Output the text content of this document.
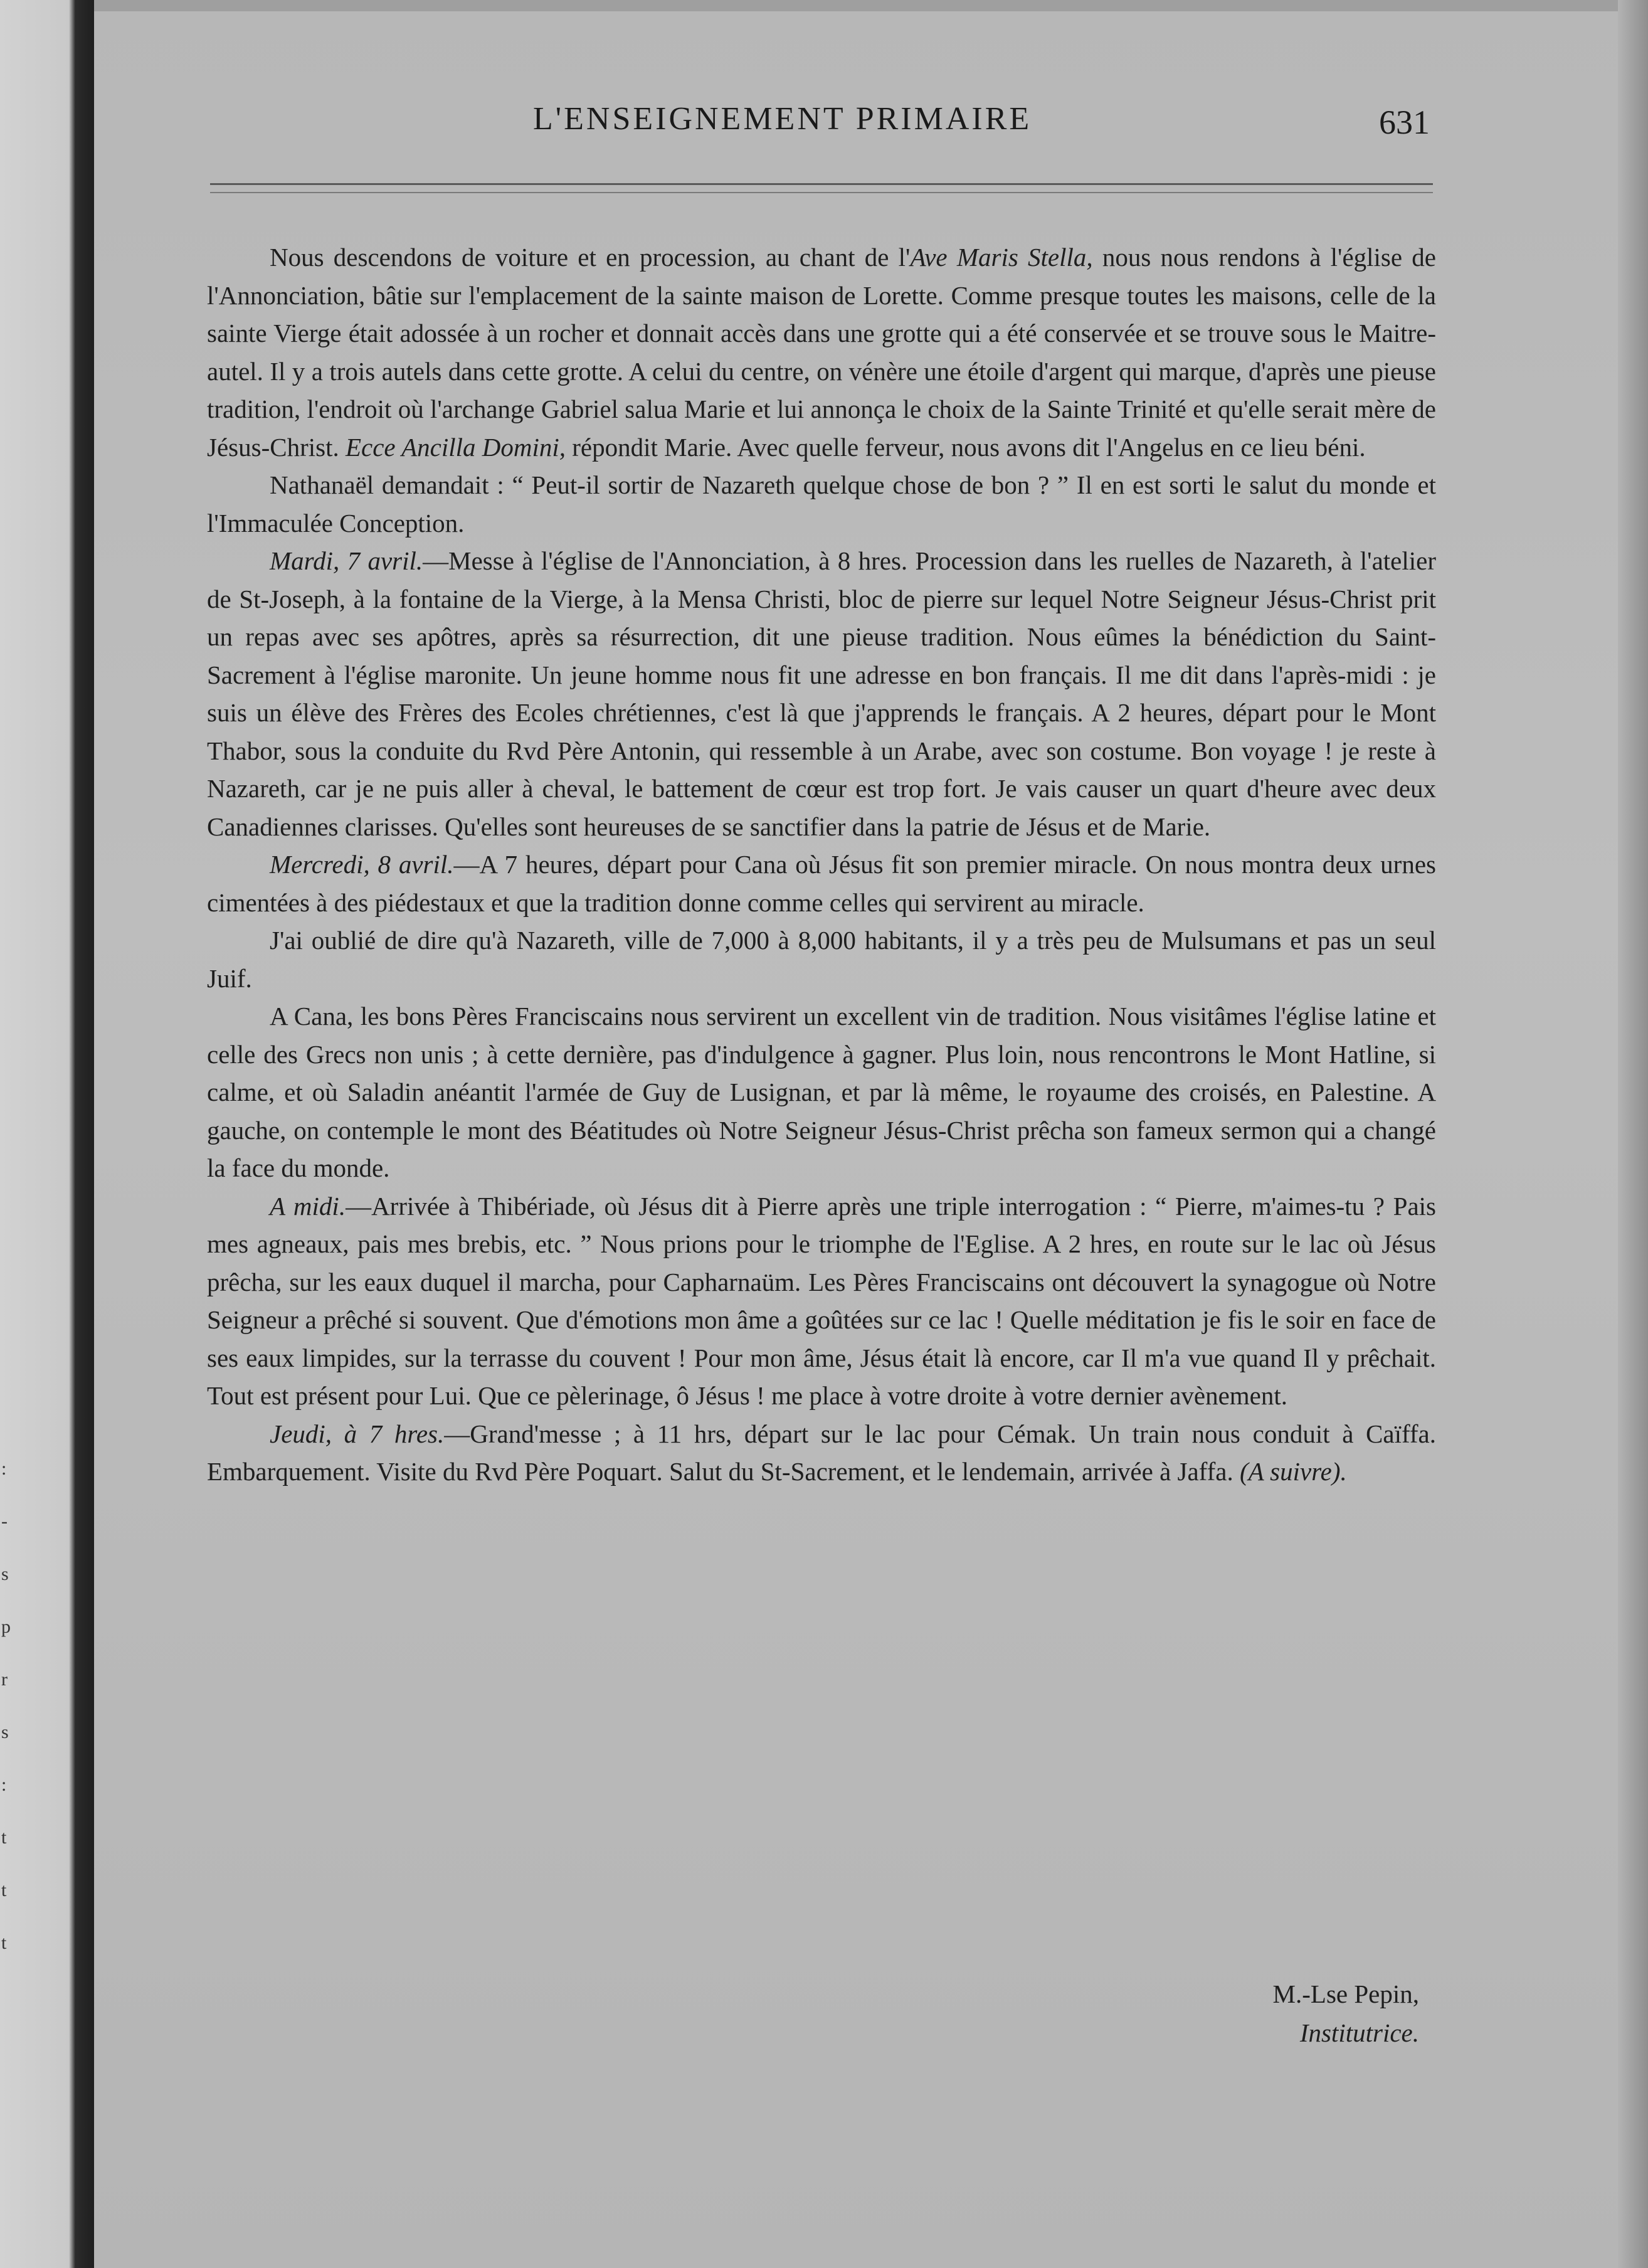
: - s p r s : t t t
L'ENSEIGNEMENT PRIMAIRE	631

Nous descendons de voiture et en procession, au chant de l'Ave Maris Stella, nous nous rendons à l'église de l'Annonciation, bâtie sur l'emplacement de la sainte maison de Lorette. Comme presque toutes les maisons, celle de la sainte Vierge était adossée à un rocher et donnait accès dans une grotte qui a été conservée et se trouve sous le Maitre-autel. Il y a trois autels dans cette grotte. A celui du centre, on vénère une étoile d'argent qui marque, d'après une pieuse tradition, l'endroit où l'archange Gabriel salua Marie et lui annonça le choix de la Sainte Trinité et qu'elle serait mère de Jésus-Christ. Ecce Ancilla Domini, répondit Marie. Avec quelle ferveur, nous avons dit l'Angelus en ce lieu béni.

Nathanaël demandait : “ Peut-il sortir de Nazareth quelque chose de bon ? ” Il en est sorti le salut du monde et l'Immaculée Conception.

Mardi, 7 avril.—Messe à l'église de l'Annonciation, à 8 hres. Procession dans les ruelles de Nazareth, à l'atelier de St-Joseph, à la fontaine de la Vierge, à la Mensa Christi, bloc de pierre sur lequel Notre Seigneur Jésus-Christ prit un repas avec ses apôtres, après sa résurrection, dit une pieuse tradition. Nous eûmes la bénédiction du Saint-Sacrement à l'église maronite. Un jeune homme nous fit une adresse en bon français. Il me dit dans l'après-midi : je suis un élève des Frères des Ecoles chrétiennes, c'est là que j'apprends le français. A 2 heures, départ pour le Mont Thabor, sous la conduite du Rvd Père Antonin, qui ressemble à un Arabe, avec son costume. Bon voyage ! je reste à Nazareth, car je ne puis aller à cheval, le battement de cœur est trop fort. Je vais causer un quart d'heure avec deux Canadiennes clarisses. Qu'elles sont heureuses de se sanctifier dans la patrie de Jésus et de Marie.

Mercredi, 8 avril.—A 7 heures, départ pour Cana où Jésus fit son premier miracle. On nous montra deux urnes cimentées à des piédestaux et que la tradition donne comme celles qui servirent au miracle.

J'ai oublié de dire qu'à Nazareth, ville de 7,000 à 8,000 habitants, il y a très peu de Mulsumans et pas un seul Juif.

A Cana, les bons Pères Franciscains nous servirent un excellent vin de tradition. Nous visitâmes l'église latine et celle des Grecs non unis ; à cette dernière, pas d'indulgence à gagner. Plus loin, nous rencontrons le Mont Hatline, si calme, et où Saladin anéantit l'armée de Guy de Lusignan, et par là même, le royaume des croisés, en Palestine. A gauche, on contemple le mont des Béatitudes où Notre Seigneur Jésus-Christ prêcha son fameux sermon qui a changé la face du monde.

A midi.—Arrivée à Thibériade, où Jésus dit à Pierre après une triple interrogation : “ Pierre, m'aimes-tu ? Pais mes agneaux, pais mes brebis, etc. ” Nous prions pour le triomphe de l'Eglise. A 2 hres, en route sur le lac où Jésus prêcha, sur les eaux duquel il marcha, pour Capharnaüm. Les Pères Franciscains ont découvert la synagogue où Notre Seigneur a prêché si souvent. Que d'émotions mon âme a goûtées sur ce lac ! Quelle méditation je fis le soir en face de ses eaux limpides, sur la terrasse du couvent ! Pour mon âme, Jésus était là encore, car Il m'a vue quand Il y prêchait. Tout est présent pour Lui. Que ce pèlerinage, ô Jésus ! me place à votre droite à votre dernier avènement.

Jeudi, à 7 hres.—Grand'messe ; à 11 hrs, départ sur le lac pour Cémak. Un train nous conduit à Caïffa. Embarquement. Visite du Rvd Père Poquart. Salut du St-Sacrement, et le lendemain, arrivée à Jaffa. (A suivre).

M.-Lse Pepin,
Institutrice.
